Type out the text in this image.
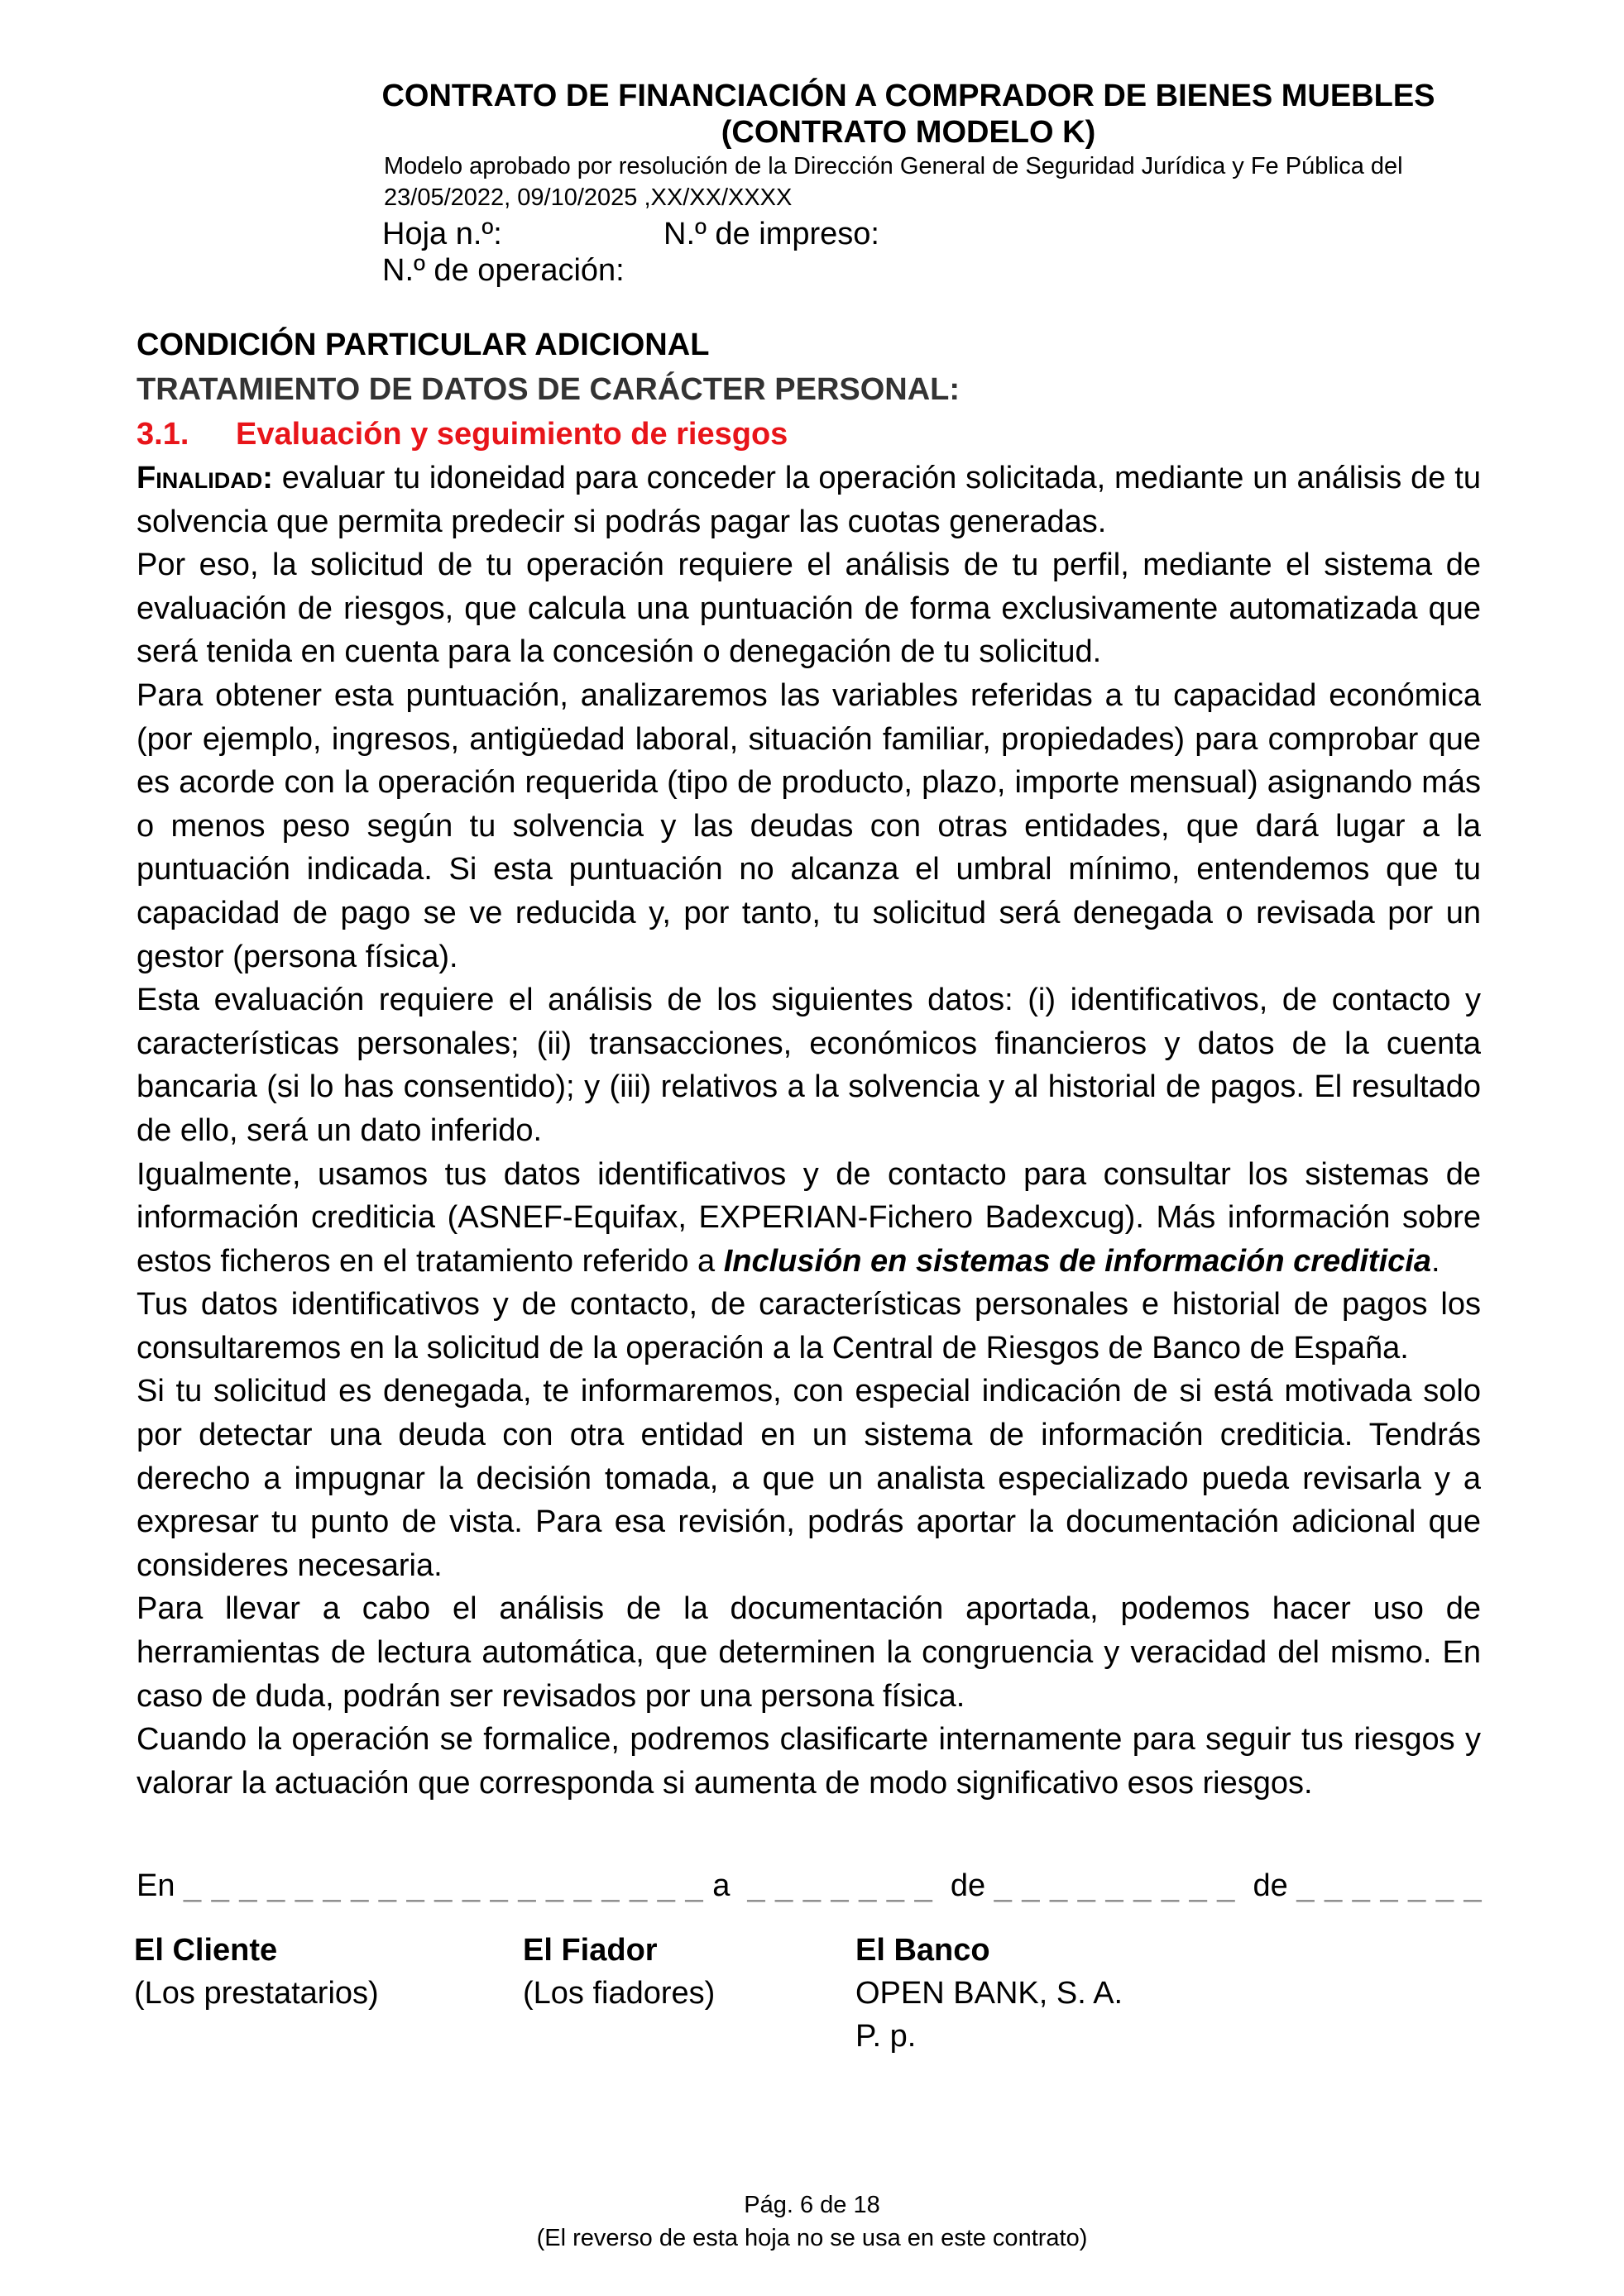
CONTRATO DE FINANCIACIÓN A COMPRADOR DE BIENES MUEBLES
(CONTRATO MODELO K)
Modelo aprobado por resolución de la Dirección General de Seguridad Jurídica y Fe Pública del
23/05/2022, 09/10/2025 ,XX/XX/XXXX
Hoja n.º:	N.º de impreso:
N.º de operación:
CONDICIÓN PARTICULAR ADICIONAL
TRATAMIENTO DE DATOS DE CARÁCTER PERSONAL:
3.1.	Evaluación y seguimiento de riesgos

Finalidad: evaluar tu idoneidad para conceder la operación solicitada, mediante un análisis de tu solvencia que permita predecir si podrás pagar las cuotas generadas.

Por eso, la solicitud de tu operación requiere el análisis de tu perfil, mediante el sistema de evaluación de riesgos, que calcula una puntuación de forma exclusivamente automatizada que será tenida en cuenta para la concesión o denegación de tu solicitud.

Para obtener esta puntuación, analizaremos las variables referidas a tu capacidad económica (por ejemplo, ingresos, antigüedad laboral, situación familiar, propiedades) para comprobar que es acorde con la operación requerida (tipo de producto, plazo, importe mensual) asignando más o menos peso según tu solvencia y las deudas con otras entidades, que dará lugar a la puntuación indicada. Si esta puntuación no alcanza el umbral mínimo, entendemos que tu capacidad de pago se ve reducida y, por tanto, tu solicitud será denegada o revisada por un gestor (persona física).

Esta evaluación requiere el análisis de los siguientes datos: (i) identificativos, de contacto y características personales; (ii) transacciones, económicos financieros y datos de la cuenta bancaria (si lo has consentido); y (iii) relativos a la solvencia y al historial de pagos. El resultado de ello, será un dato inferido.

Igualmente, usamos tus datos identificativos y de contacto para consultar los sistemas de información crediticia (ASNEF-Equifax, EXPERIAN-Fichero Badexcug). Más información sobre estos ficheros en el tratamiento referido a Inclusión en sistemas de información crediticia.

Tus datos identificativos y de contacto, de características personales e historial de pagos los consultaremos en la solicitud de la operación a la Central de Riesgos de Banco de España.

Si tu solicitud es denegada, te informaremos, con especial indicación de si está motivada solo por detectar una deuda con otra entidad en un sistema de información crediticia. Tendrás derecho a impugnar la decisión tomada, a que un analista especializado pueda revisarla y a expresar tu punto de vista. Para esa revisión, podrás aportar la documentación adicional que consideres necesaria.

Para llevar a cabo el análisis de la documentación aportada, podemos hacer uso de herramientas de lectura automática, que determinen la congruencia y veracidad del mismo. En caso de duda, podrán ser revisados por una persona física.

Cuando la operación se formalice, podremos clasificarte internamente para seguir tus riesgos y valorar la actuación que corresponda si aumenta de modo significativo esos riesgos.

En _ _ _ _ _ _ _ _ _ _ _ _ _ _ _ _ _ _ _ a _ _ _ _ _ _ _ de _ _ _ _ _ _ _ _ _ de _ _ _ _ _ _ _
El Cliente
(Los prestatarios)
El Fiador
(Los fiadores)
El Banco
OPEN BANK, S. A.
P. p.
Pág. 6 de 18
(El reverso de esta hoja no se usa en este contrato)
